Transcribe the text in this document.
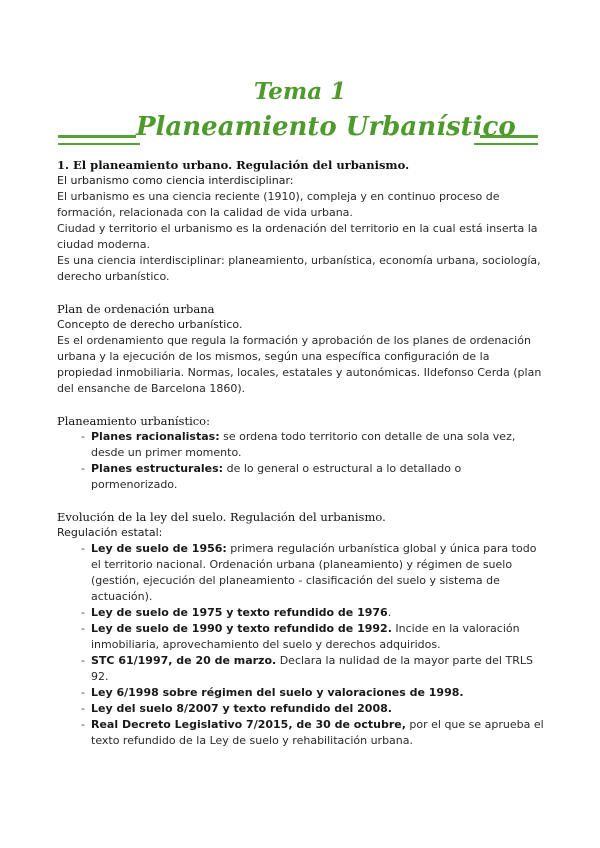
Tema 1
Planeamiento Urbanístico

1. El planeamiento urbano. Regulación del urbanismo.

El urbanismo como ciencia interdisciplinar:

El urbanismo es una ciencia reciente (1910), compleja y en continuo proceso de formación, relacionada con la calidad de vida urbana.

Ciudad y territorio el urbanismo es la ordenación del territorio en la cual está inserta la ciudad moderna.

Es una ciencia interdisciplinar: planeamiento, urbanística, economía urbana, sociología, derecho urbanístico.

Plan de ordenación urbana

Concepto de derecho urbanístico.

Es el ordenamiento que regula la formación y aprobación de los planes de ordenación urbana y la ejecución de los mismos, según una específica configuración de la propiedad inmobiliaria. Normas, locales, estatales y autonómicas. Ildefonso Cerda (plan del ensanche de Barcelona 1860).

Planeamiento urbanístico:

- Planes racionalistas: se ordena todo territorio con detalle de una sola vez, desde un primer momento.
- Planes estructurales: de lo general o estructural a lo detallado o pormenorizado.

Evolución de la ley del suelo. Regulación del urbanismo.

Regulación estatal:

- Ley de suelo de 1956: primera regulación urbanística global y única para todo el territorio nacional. Ordenación urbana (planeamiento) y régimen de suelo (gestión, ejecución del planeamiento - clasificación del suelo y sistema de actuación).
- Ley de suelo de 1975 y texto refundido de 1976.
- Ley de suelo de 1990 y texto refundido de 1992. Incide en la valoración inmobiliaria, aprovechamiento del suelo y derechos adquiridos.
- STC 61/1997, de 20 de marzo. Declara la nulidad de la mayor parte del TRLS 92.
- Ley 6/1998 sobre régimen del suelo y valoraciones de 1998.
- Ley del suelo 8/2007 y texto refundido del 2008.
- Real Decreto Legislativo 7/2015, de 30 de octubre, por el que se aprueba el texto refundido de la Ley de suelo y rehabilitación urbana.
